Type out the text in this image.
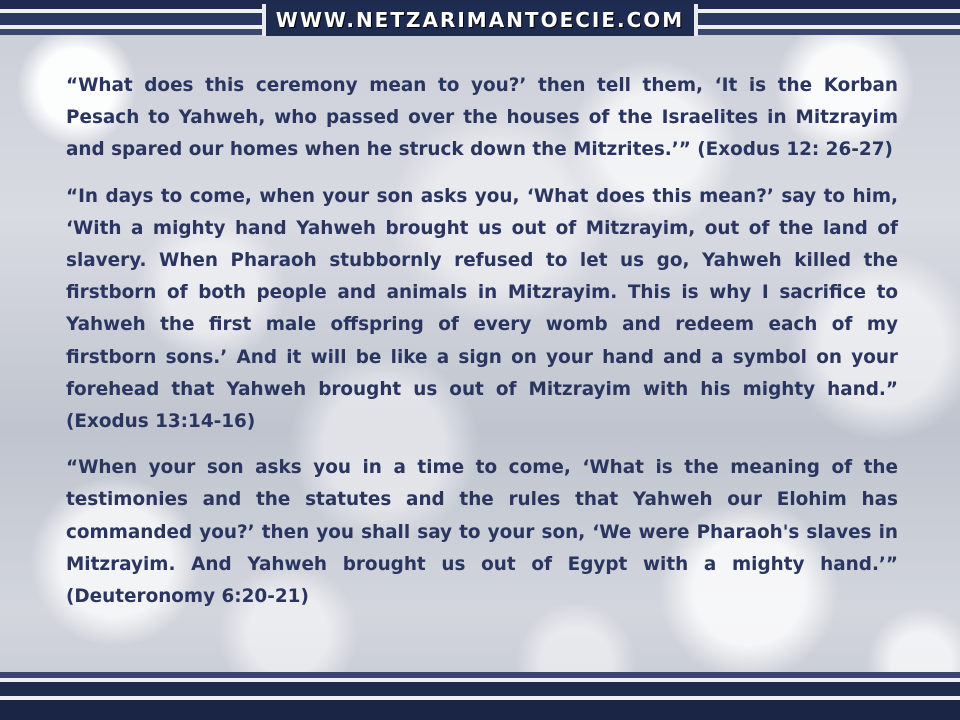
WWW.NETZARIMANTOECIE.COM

“What does this ceremony mean to you?’ then tell them, ‘It is the Korban Pesach to Yahweh, who passed over the houses of the Israelites in Mitzrayim and spared our homes when he struck down the Mitzrites.’” (Exodus 12: 26-27)

“In days to come, when your son asks you, ‘What does this mean?’ say to him, ‘With a mighty hand Yahweh brought us out of Mitzrayim, out of the land of slavery. When Pharaoh stubbornly refused to let us go, Yahweh killed the firstborn of both people and animals in Mitzrayim. This is why I sacrifice to Yahweh the first male offspring of every womb and redeem each of my firstborn sons.’ And it will be like a sign on your hand and a symbol on your forehead that Yahweh brought us out of Mitzrayim with his mighty hand.” (Exodus 13:14-16)

“When your son asks you in a time to come, ‘What is the meaning of the testimonies and the statutes and the rules that Yahweh our Elohim has commanded you?’ then you shall say to your son, ‘We were Pharaoh's slaves in Mitzrayim. And Yahweh brought us out of Egypt with a mighty hand.’” (Deuteronomy 6:20-21)
